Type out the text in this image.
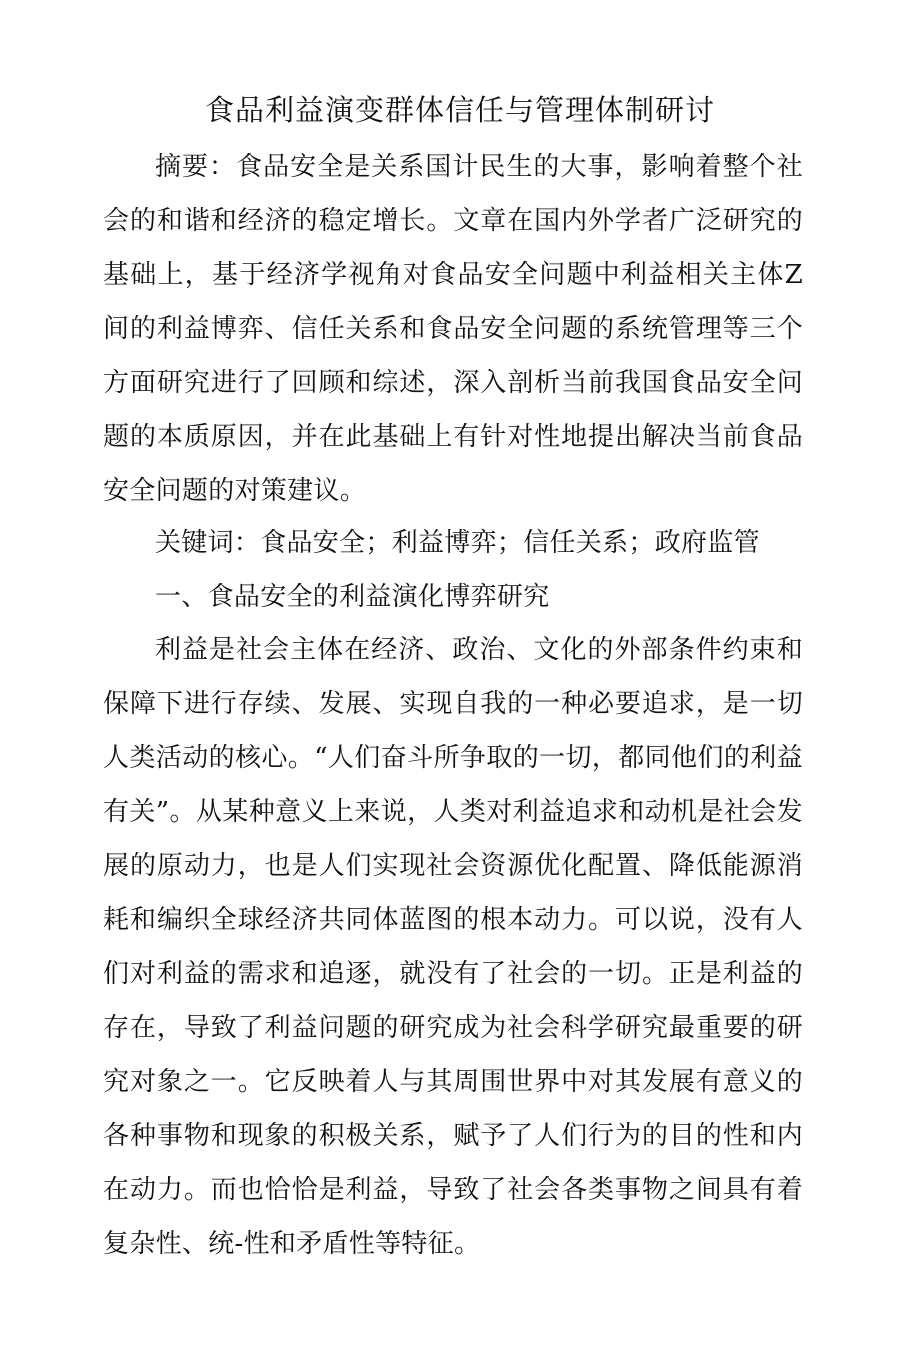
食品利益演变群体信任与管理体制研讨

摘要：食品安全是关系国计民生的大事，影响着整个社会的和谐和经济的稳定增长。文章在国内外学者广泛研究的基础上，基于经济学视角对食品安全问题中利益相关主体Z间的利益博弈、信任关系和食品安全问题的系统管理等三个方面研究进行了回顾和综述，深入剖析当前我国食品安全问题的本质原因，并在此基础上有针对性地提出解决当前食品安全问题的对策建议。

关键词：食品安全；利益博弈；信任关系；政府监管

一、食品安全的利益演化博弈研究

利益是社会主体在经济、政治、文化的外部条件约束和保障下进行存续、发展、实现自我的一种必要追求，是一切人类活动的核心。“人们奋斗所争取的一切，都同他们的利益有关”。从某种意义上来说，人类对利益追求和动机是社会发展的原动力，也是人们实现社会资源优化配置、降低能源消耗和编织全球经济共同体蓝图的根本动力。可以说，没有人们对利益的需求和追逐，就没有了社会的一切。正是利益的存在，导致了利益问题的研究成为社会科学研究最重要的研究对象之一。它反映着人与其周围世界中对其发展有意义的各种事物和现象的积极关系，赋予了人们行为的目的性和内在动力。而也恰恰是利益，导致了社会各类事物之间具有着复杂性、统-性和矛盾性等特征。
